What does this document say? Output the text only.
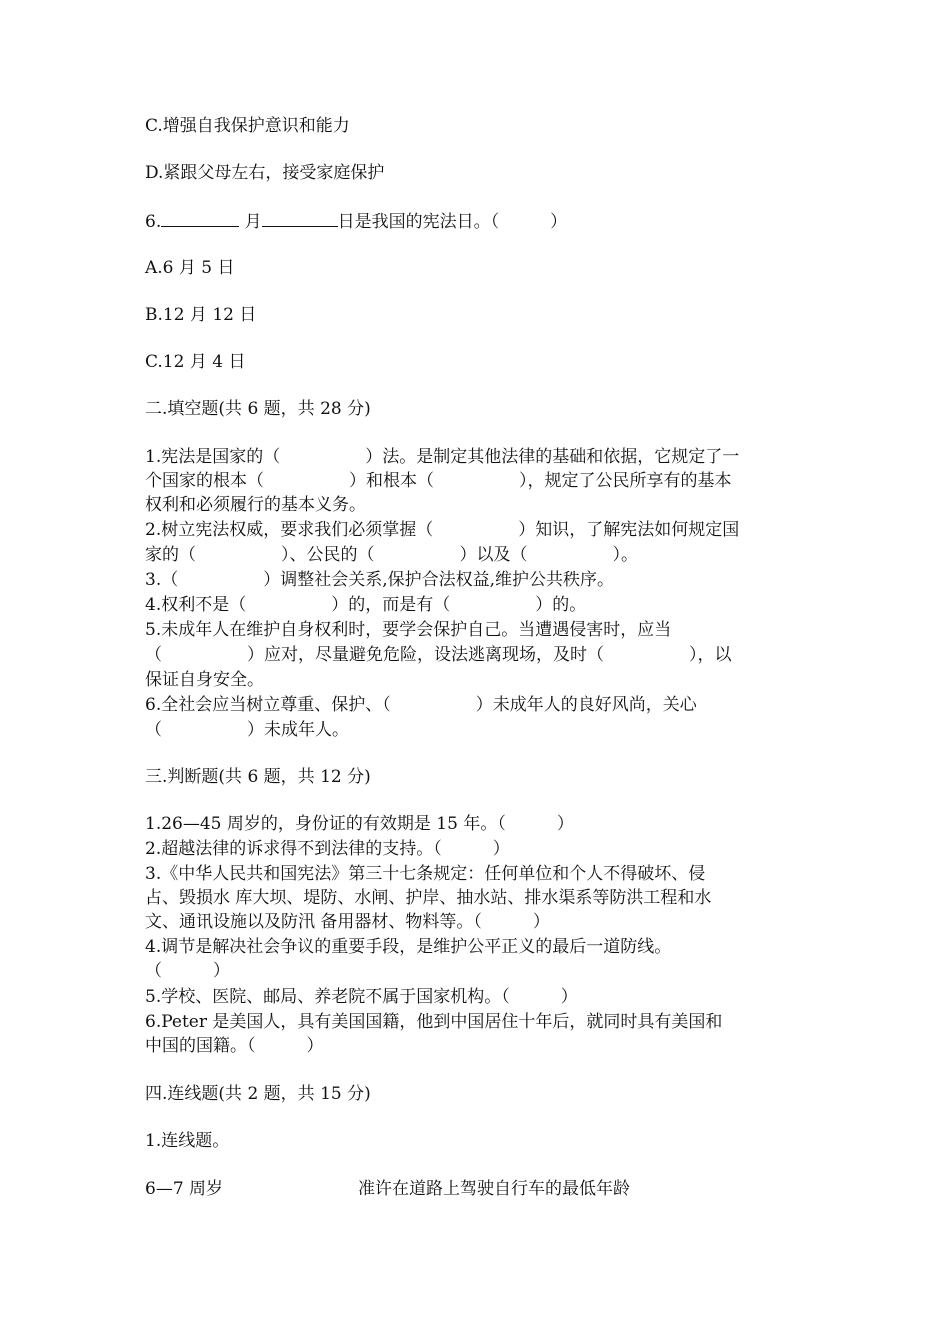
C.增强自我保护意识和能力
D.紧跟父母左右，接受家庭保护
6.	月	日是我国的宪法日。（　　　）
A.6 月 5 日
B.12 月 12 日
C.12 月 4 日
二.填空题(共 6 题，共 28 分)
1.宪法是国家的（　　　　　）法。是制定其他法律的基础和依据，它规定了一
个国家的根本（　　　　　）和根本（　　　　　），规定了公民所享有的基本
权利和必须履行的基本义务。
2.树立宪法权威，要求我们必须掌握（　　　　　）知识，了解宪法如何规定国
家的（　　　　　）、公民的（　　　　　）以及（　　　　　）。
3.（　　　　　）调整社会关系,保护合法权益,维护公共秩序。
4.权利不是（　　　　　）的，而是有（　　　　　）的。
5.未成年人在维护自身权利时，要学会保护自己。当遭遇侵害时，应当
（　　　　　）应对，尽量避免危险，设法逃离现场，及时（　　　　　），以
保证自身安全。
6.全社会应当树立尊重、保护、（　　　　　）未成年人的良好风尚，关心
（　　　　　）未成年人。
三.判断题(共 6 题，共 12 分)
1.26—45 周岁的，身份证的有效期是 15 年。（　　　）
2.超越法律的诉求得不到法律的支持。（　　　）
3.《中华人民共和国宪法》第三十七条规定：任何单位和个人不得破坏、侵
占、毁损水 库大坝、堤防、水闸、护岸、抽水站、排水渠系等防洪工程和水
文、通讯设施以及防汛 备用器材、物料等。（　　　）
4.调节是解决社会争议的重要手段，是维护公平正义的最后一道防线。
（　　　）
5.学校、医院、邮局、养老院不属于国家机构。（　　　）
6.Peter 是美国人，具有美国国籍，他到中国居住十年后，就同时具有美国和
中国的国籍。（　　　）
四.连线题(共 2 题，共 15 分)
1.连线题。
6—7 周岁	准许在道路上驾驶自行车的最低年龄
